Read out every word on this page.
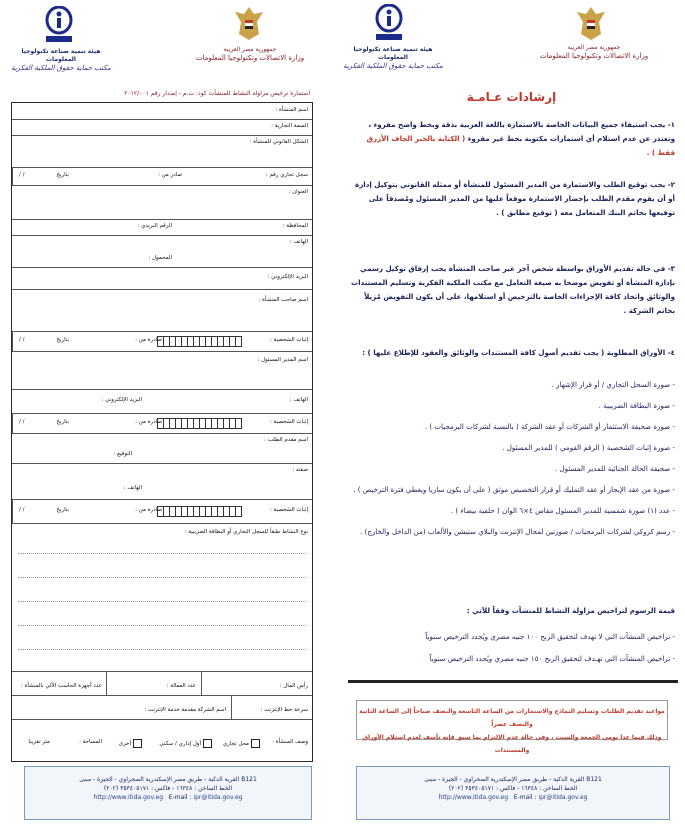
هيئة تنمية صناعة تكنولوجيا المعلومات
مكتب حماية حقوق الملكية الفكرية
جمهورية مصر العربية
وزارة الاتصالات وتكنولوجيا المعلومات
استمارة ترخيص مزاولة النشاط للمنشآت كود: ت.م - إصدار رقم ٢٠١٢/٠٠١
اسم المنشأة :
السمة التجارية :
الشكل القانوني للمنشأة :
سجل تجاري رقم :
صادر من :
بتاريخ
/ /
العنوان :
المحافظة :
الرقم البريدي :
الهاتف :
المحمول :
البريد الإلكتروني :
اسم صاحب المنشأة :
إثبات الشخصية :
صادرة من :
بتاريخ
/ /
اسم المدير المسئول :
الهاتف :
البريد الإلكتروني :
إثبات الشخصية :
صادرة من :
بتاريخ
/ /
اسم مقدم الطلب :
التوقيع :
صفته :
الهاتف :
إثبات الشخصية :
صادرة من :
بتاريخ
/ /
نوع النشاط طبقاً للسجل التجاري أو البطاقة الضريبية :
رأس المال :
عدد العمالة :
عدد أجهزة الحاسب الآلي بالمنشأة :
سرعة خط الإنترنت :
اسم الشركة مقدمة خدمة الإنترنت :
وصف المنشأة :
محل تجاري
أول إداري / سكني
أخرى
المساحة :
متر تقريبا
القرية الذكية - طريق مصر الإسكندرية الصحراوي - الجيزة - مبنى B121
الخط الساخن : ١٦٣٤٨ - فاكس : ٣٥٣٤٠٥١٧١ (٢٠٢)
http://www.itida.gov.eg E-mail : ipr@itida.gov.eg
هيئة تنمية صناعة تكنولوجيا المعلومات
مكتب حماية حقوق الملكية الفكرية
جمهورية مصر العربية
وزارة الاتصالات وتكنولوجيا المعلومات
إرشادات عـامـة
١- يجب استيفاء جميع البيانات الخاصة بالاستمارة باللغة العربية بدقة وبخط واضح مقروء ، ونعتذر عن عدم استلام أي استمارات مكتوبة بخط غير مقروء ( الكتابة بالحبر الجاف الأزرق فقط ) .
٢- يجب توقيع الطلب والاستمارة من المدير المسئول للمنشأة أو ممثله القانوني بتوكيل إدارة أو أن يقوم مقدم الطلب بإحضار الاستمارة موقعاً عليها من المدير المسئول ومُصدقاً على توقيعها بخاتم البنك المتعامل معه ( توقيع مطابق ) .
٣- في حالة تقديم الأوراق بواسطة شخص آخر غير صاحب المنشأة يجب إرفاق توكيل رسمي بإدارة المنشأة أو تفويض موضحا به صيغة التعامل مع مكتب الملكية الفكرية وتسليم المستندات والوثائق واتخاذ كافة الإجراءات الخاصة بالترخيص أو استلامها، على أن يكون التفويض مُزيلاً بخاتم الشركة .
٤- الأوراق المطلوبة ( يجب تقديم أصول كافة المستندات والوثائق والعقود للإطلاع عليها ) :
- صورة السجل التجاري / أو قرار الإشهار .
- صورة البطاقة الضريبية .
- صورة صحيفة الاستثمار أو الشركات أو عقد الشركة ( بالنسبة لشركات البرمجيات ) .
- صورة إثبات الشخصية ( الرقم القومي ) للمدير المسئول .
- صحيفة الحالة الجنائية للمدير المسئول .
- صورة من عقد الإيجار أو عقد التمليك أو قرار التخصيص موثق ( على أن يكون ساريا ويغطي فترة الترخيص ) .
- عدد (١) صورة شمسية للمدير المسئول مقاس ٤×٦ الوان ( خلفية بيضاء ) .
- رسم كروكي لشركات البرمجيات / صورتين لمحال الإنترنت والبلاي ستيشن والألعاب (من الداخل والخارج) .
قيمة الرسوم لتراخيص مزاولة النشاط للمنشآت وفقاً للآتي :
- تراخيص المنشآت التي لا تهدف لتحقيق الربح ١٠٠ جنيه مصري ويُجدد الترخيص سنوياً
- تراخيص المنشآت التي تهـدف لتحقيق الربح ١٥٠ جنيه مصري ويُجدد الترخيص سنوياً
مواعيد تقديم الطلبات وتسليم النماذج والاستمارات من الساعة التاسعة والنصف صباحاً إلى الساعة الثانية والنصف عصراً
وذلك فيما عدا يومي الجمعة والسبت ، وفي حالة عدم الإلتزام بما سبق فإنه تأسف لعدم استلام الأوراق والمستندات
القرية الذكية - طريق مصر الإسكندرية الصحراوي - الجيزة - مبنى B121
الخط الساخن : ١٦٣٤٨ - فاكس : ٣٥٣٤٠٥١٧١ (٢٠٢)
http://www.itida.gov.eg E-mail : ipr@itida.gov.eg
